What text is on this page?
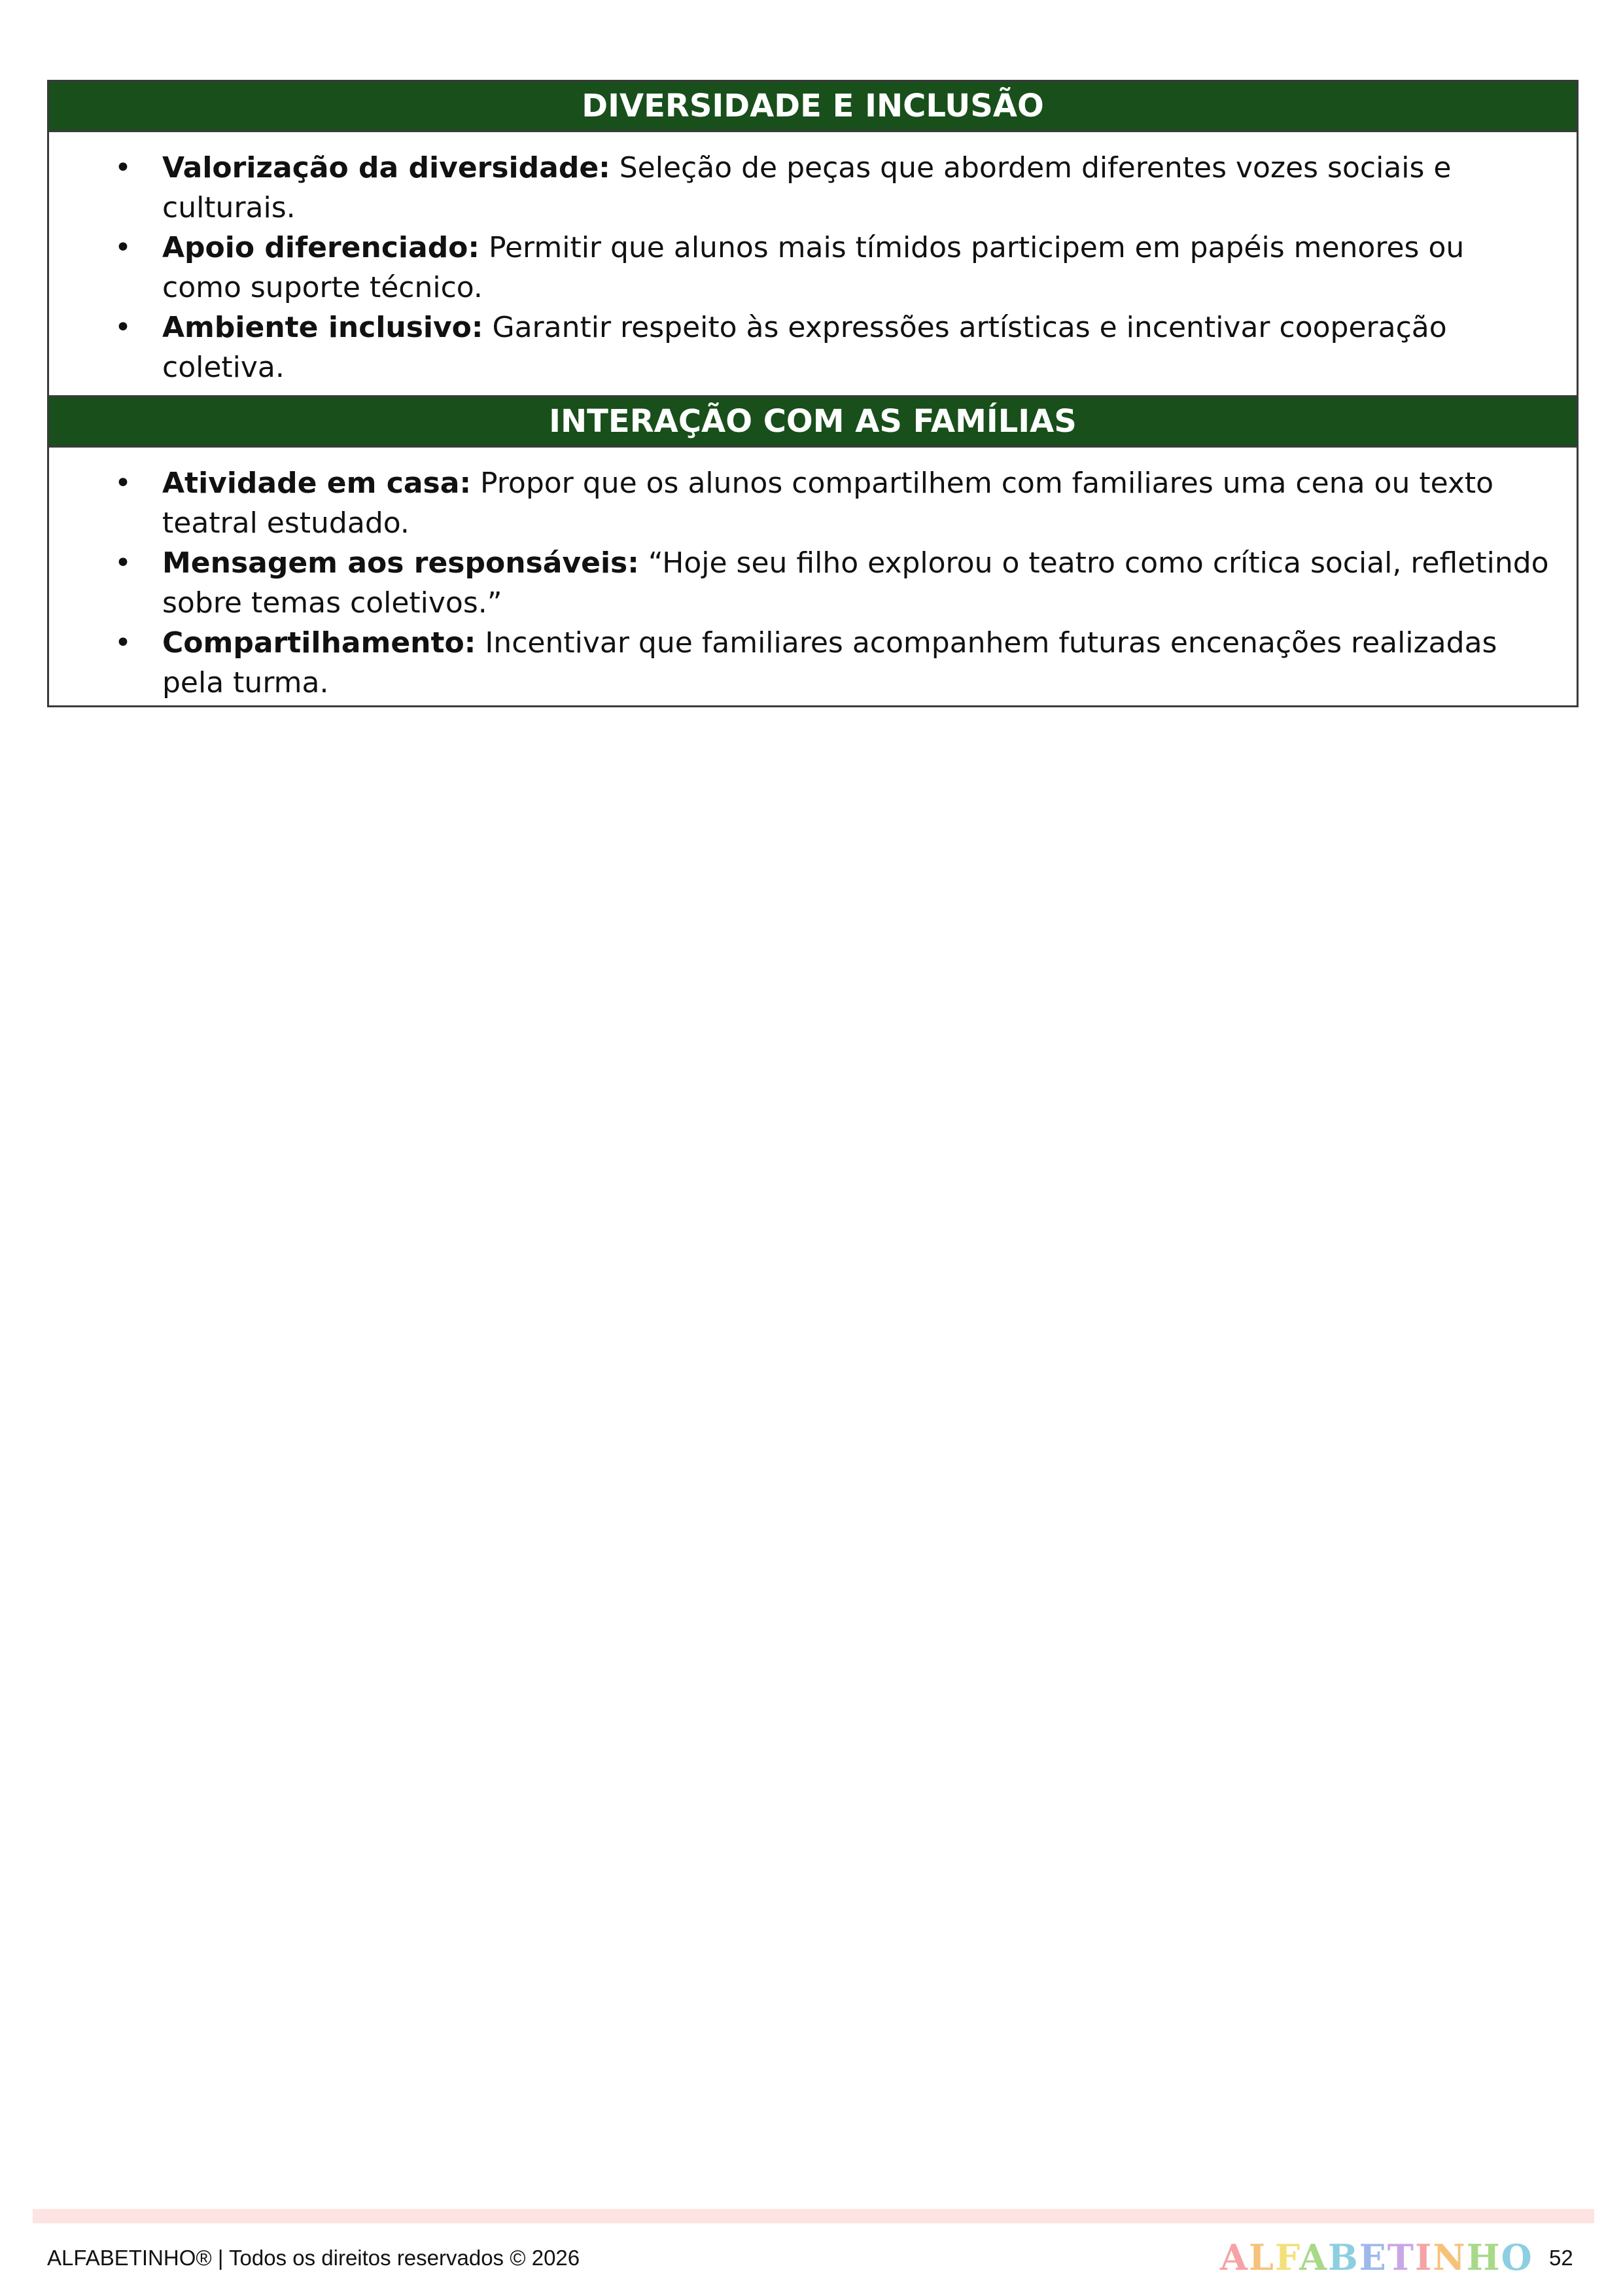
DIVERSIDADE E INCLUSÃO
• Valorização da diversidade: Seleção de peças que abordem diferentes vozes sociais e culturais.
• Apoio diferenciado: Permitir que alunos mais tímidos participem em papéis menores ou como suporte técnico.
• Ambiente inclusivo: Garantir respeito às expressões artísticas e incentivar cooperação coletiva.
INTERAÇÃO COM AS FAMÍLIAS
• Atividade em casa: Propor que os alunos compartilhem com familiares uma cena ou texto teatral estudado.
• Mensagem aos responsáveis: “Hoje seu filho explorou o teatro como crítica social, refletindo sobre temas coletivos.”
• Compartilhamento: Incentivar que familiares acompanhem futuras encenações realizadas pela turma.
ALFABETINHO® | Todos os direitos reservados © 2026	ALFABETINHO 52
